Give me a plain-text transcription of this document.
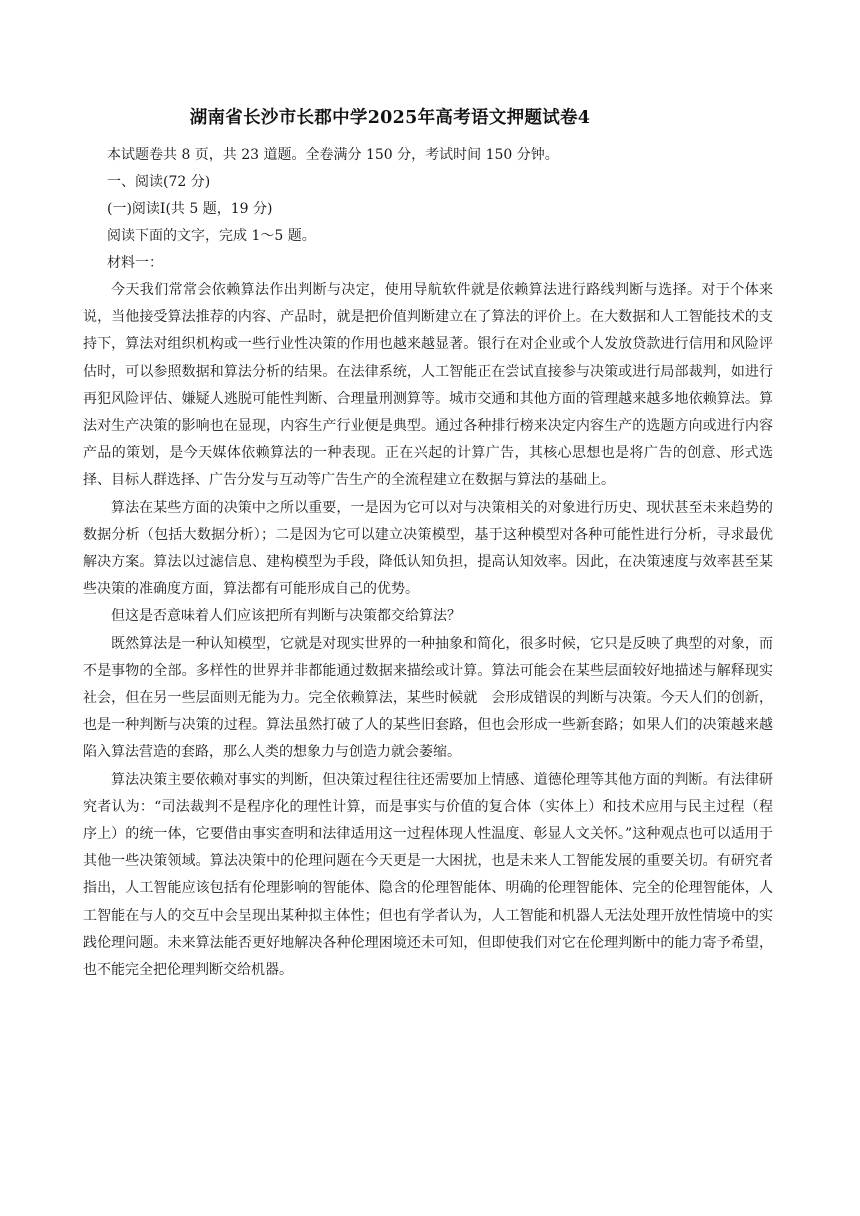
湖南省长沙市长郡中学2025年高考语文押题试卷4
本试题卷共 8 页，共 23 道题。全卷满分 150 分，考试时间 150 分钟。
一、阅读(72 分)
(一)阅读Ⅰ(共 5 题，19 分)
阅读下面的文字，完成 1～5 题。
材料一：

今天我们常常会依赖算法作出判断与决定，使用导航软件就是依赖算法进行路线判断与选择。对于个体来说，当他接受算法推荐的内容、产品时，就是把价值判断建立在了算法的评价上。在大数据和人工智能技术的支持下，算法对组织机构或一些行业性决策的作用也越来越显著。银行在对企业或个人发放贷款进行信用和风险评估时，可以参照数据和算法分析的结果。在法律系统，人工智能正在尝试直接参与决策或进行局部裁判，如进行再犯风险评估、嫌疑人逃脱可能性判断、合理量刑测算等。城市交通和其他方面的管理越来越多地依赖算法。算法对生产决策的影响也在显现，内容生产行业便是典型。通过各种排行榜来决定内容生产的选题方向或进行内容产品的策划，是今天媒体依赖算法的一种表现。正在兴起的计算广告，其核心思想也是将广告的创意、形式选择、目标人群选择、广告分发与互动等广告生产的全流程建立在数据与算法的基础上。

算法在某些方面的决策中之所以重要，一是因为它可以对与决策相关的对象进行历史、现状甚至未来趋势的数据分析（包括大数据分析）；二是因为它可以建立决策模型，基于这种模型对各种可能性进行分析，寻求最优解决方案。算法以过滤信息、建构模型为手段，降低认知负担，提高认知效率。因此，在决策速度与效率甚至某些决策的准确度方面，算法都有可能形成自己的优势。

但这是否意味着人们应该把所有判断与决策都交给算法？

既然算法是一种认知模型，它就是对现实世界的一种抽象和简化，很多时候，它只是反映了典型的对象，而不是事物的全部。多样性的世界并非都能通过数据来描绘或计算。算法可能会在某些层面较好地描述与解释现实社会，但在另一些层面则无能为力。完全依赖算法，某些时候就　会形成错误的判断与决策。今天人们的创新，也是一种判断与决策的过程。算法虽然打破了人的某些旧套路，但也会形成一些新套路；如果人们的决策越来越陷入算法营造的套路，那么人类的想象力与创造力就会萎缩。

算法决策主要依赖对事实的判断，但决策过程往往还需要加上情感、道德伦理等其他方面的判断。有法律研究者认为：“司法裁判不是程序化的理性计算，而是事实与价值的复合体（实体上）和技术应用与民主过程（程序上）的统一体，它要借由事实查明和法律适用这一过程体现人性温度、彰显人文关怀。”这种观点也可以适用于其他一些决策领域。算法决策中的伦理问题在今天更是一大困扰，也是未来人工智能发展的重要关切。有研究者指出，人工智能应该包括有伦理影响的智能体、隐含的伦理智能体、明确的伦理智能体、完全的伦理智能体，人工智能在与人的交互中会呈现出某种拟主体性；但也有学者认为，人工智能和机器人无法处理开放性情境中的实践伦理问题。未来算法能否更好地解决各种伦理困境还未可知，但即使我们对它在伦理判断中的能力寄予希望，也不能完全把伦理判断交给机器。
